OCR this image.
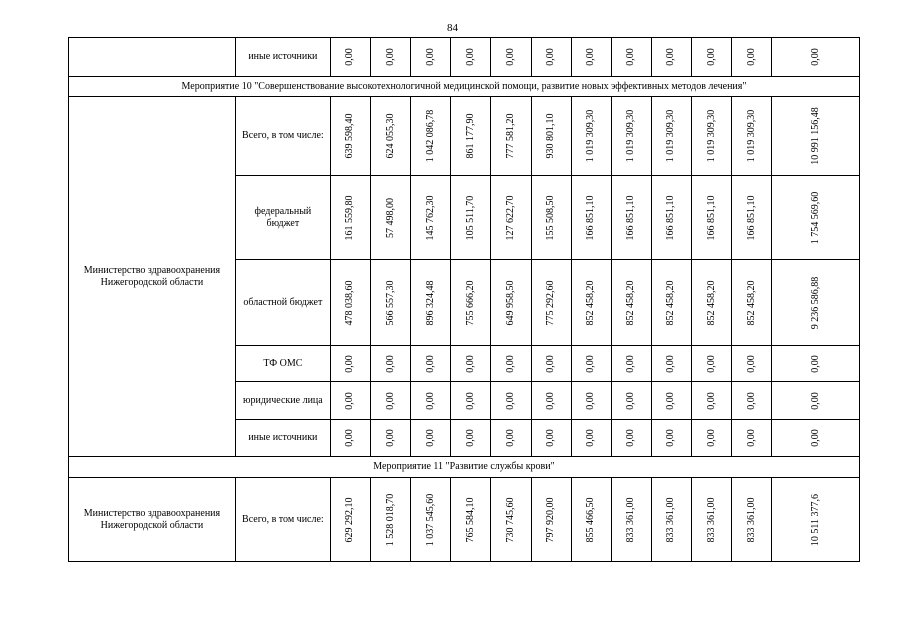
84
	иные источники	0,00	0,00	0,00	0,00	0,00	0,00	0,00	0,00	0,00	0,00	0,00	0,00

Мероприятие 10 "Совершенствование высокотехнологичной медицинской помощи, развитие новых эффективных методов лечения"													
Министерство здравоохранения Нижегородской области	Всего, в том числе:	639 598,40	624 055,30	1 042 086,78	861 177,90	777 581,20	930 801,10	1 019 309,30	1 019 309,30	1 019 309,30	1 019 309,30	1 019 309,30	10 991 156,48

	федеральный бюджет	161 559,80	57 498,00	145 762,30	105 511,70	127 622,70	155 508,50	166 851,10	166 851,10	166 851,10	166 851,10	166 851,10	1 754 569,60

	областной бюджет	478 038,60	566 557,30	896 324,48	755 666,20	649 958,50	775 292,60	852 458,20	852 458,20	852 458,20	852 458,20	852 458,20	9 236 586,88

	ТФ ОМС	0,00	0,00	0,00	0,00	0,00	0,00	0,00	0,00	0,00	0,00	0,00	0,00

	юридические лица	0,00	0,00	0,00	0,00	0,00	0,00	0,00	0,00	0,00	0,00	0,00	0,00

	иные источники	0,00	0,00	0,00	0,00	0,00	0,00	0,00	0,00	0,00	0,00	0,00	0,00

Мероприятие 11 "Развитие службы крови"													
Министерство здравоохранения Нижегородской области	Всего, в том числе:	629 292,10	1 528 018,70	1 037 545,60	765 584,10	730 745,60	797 920,00	855 466,50	833 361,00	833 361,00	833 361,00	833 361,00	10 511 377,6
